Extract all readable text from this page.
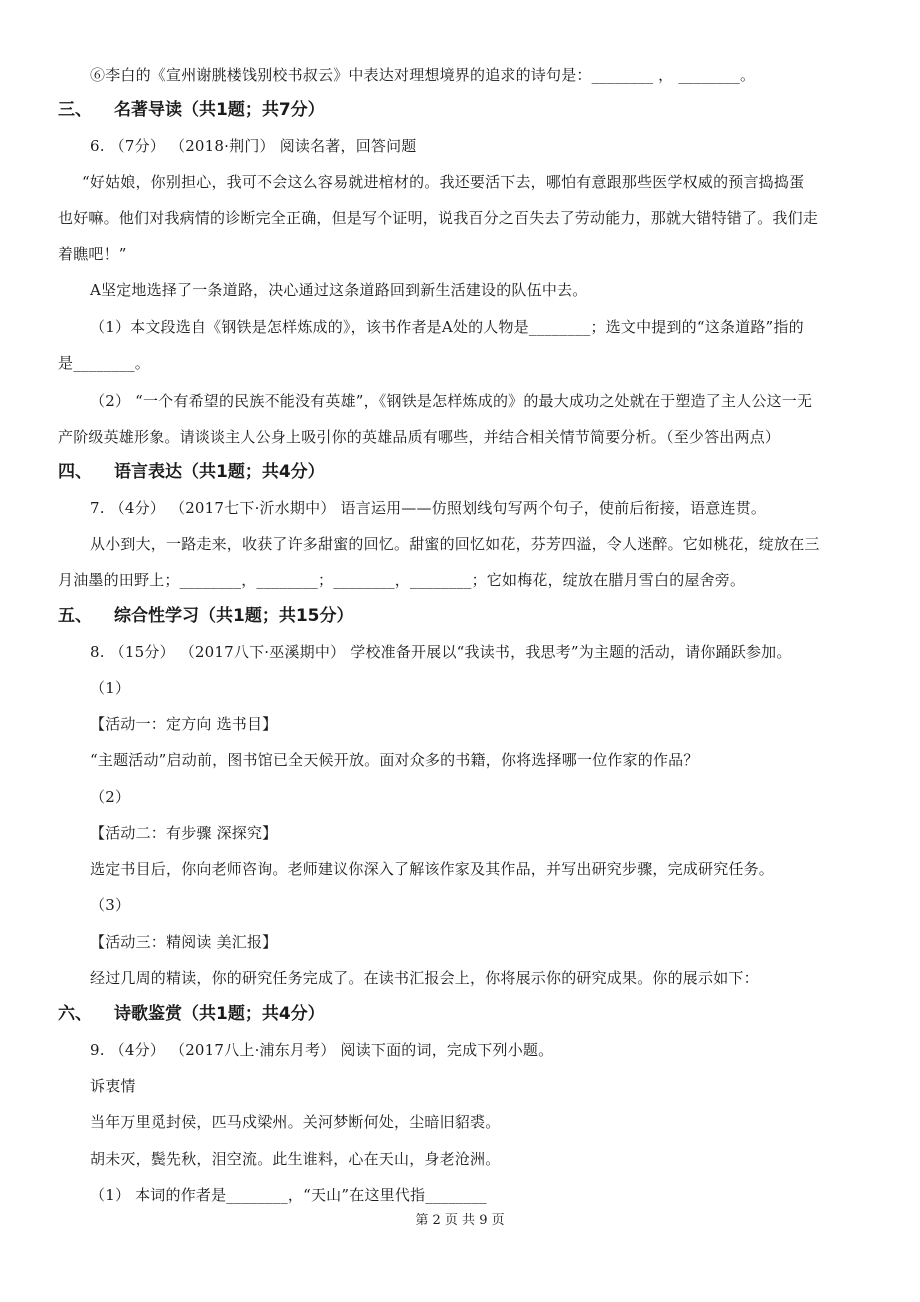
⑥李白的《宣州谢朓楼饯别校书叔云》中表达对理想境界的追求的诗句是：________ ， ________。
三、 名著导读（共1题；共7分）
6. （7分） （2018·荆门） 阅读名著，回答问题
“好姑娘，你别担心，我可不会这么容易就进棺材的。我还要活下去，哪怕有意跟那些医学权威的预言捣捣蛋
也好嘛。他们对我病情的诊断完全正确，但是写个证明，说我百分之百失去了劳动能力，那就大错特错了。我们走
着瞧吧！”
A坚定地选择了一条道路，决心通过这条道路回到新生活建设的队伍中去。
（1）本文段选自《钢铁是怎样炼成的》，该书作者是A处的人物是________；选文中提到的“这条道路”指的
是________。
（2） “一个有希望的民族不能没有英雄”，《钢铁是怎样炼成的》的最大成功之处就在于塑造了主人公这一无
产阶级英雄形象。请谈谈主人公身上吸引你的英雄品质有哪些，并结合相关情节简要分析。（至少答出两点）
四、 语言表达（共1题；共4分）
7. （4分） （2017七下·沂水期中） 语言运用——仿照划线句写两个句子，使前后衔接，语意连贯。
从小到大，一路走来，收获了许多甜蜜的回忆。甜蜜的回忆如花，芬芳四溢，令人迷醉。它如桃花，绽放在三
月油墨的田野上；________，________；________，________；它如梅花，绽放在腊月雪白的屋舍旁。
五、 综合性学习（共1题；共15分）
8. （15分） （2017八下·巫溪期中） 学校准备开展以“我读书，我思考”为主题的活动，请你踊跃参加。
（1）
【活动一：定方向 选书目】
“主题活动”启动前，图书馆已全天候开放。面对众多的书籍，你将选择哪一位作家的作品？
（2）
【活动二：有步骤 深探究】
选定书目后，你向老师咨询。老师建议你深入了解该作家及其作品，并写出研究步骤，完成研究任务。
（3）
【活动三：精阅读 美汇报】
经过几周的精读，你的研究任务完成了。在读书汇报会上，你将展示你的研究成果。你的展示如下：
六、 诗歌鉴赏（共1题；共4分）
9. （4分） （2017八上·浦东月考） 阅读下面的词，完成下列小题。
诉衷情
当年万里觅封侯，匹马戍梁州。关河梦断何处，尘暗旧貂裘。
胡未灭，鬓先秋，泪空流。此生谁料，心在天山，身老沧洲。
（1） 本词的作者是________，“天山”在这里代指________
第 2 页 共 9 页
